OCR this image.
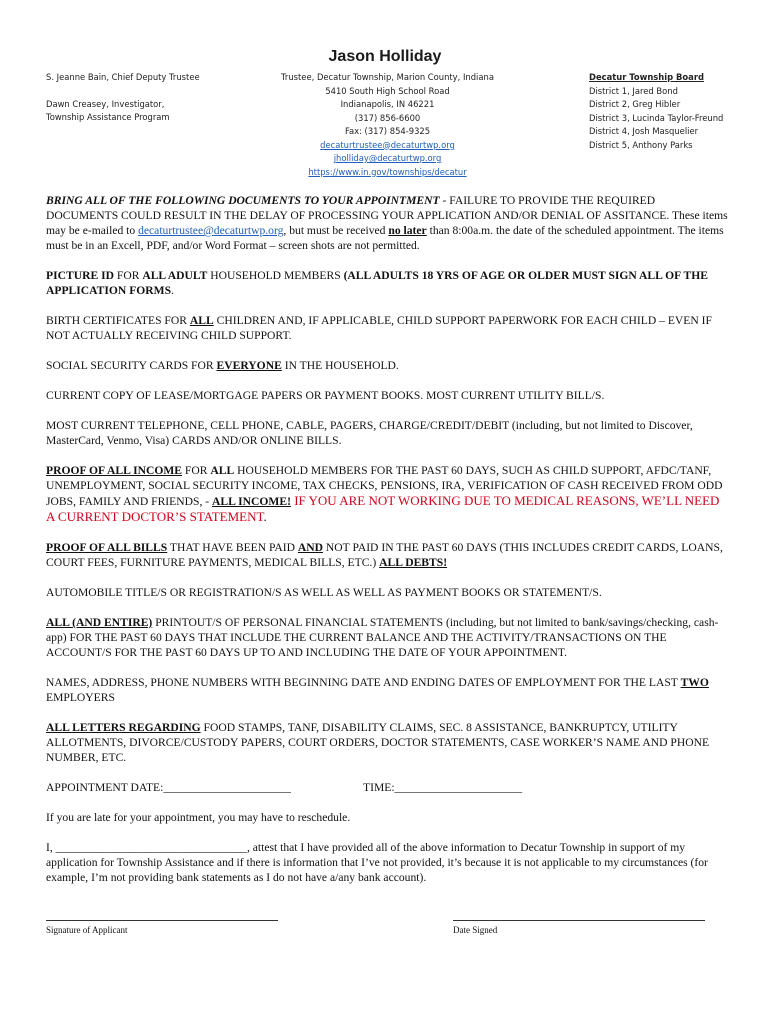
Jason Holliday
S. Jeanne Bain, Chief Deputy Trustee
Dawn Creasey, Investigator,
Township Assistance Program
Trustee, Decatur Township, Marion County, Indiana
5410 South High School Road
Indianapolis, IN 46221
(317) 856-6600
Fax: (317) 854-9325
decaturtrustee@decaturtwp.org
jholliday@decaturtwp.org
https://www.in.gov/townships/decatur
Decatur Township Board
District 1, Jared Bond
District 2, Greg Hibler
District 3, Lucinda Taylor-Freund
District 4, Josh Masquelier
District 5, Anthony Parks

BRING ALL OF THE FOLLOWING DOCUMENTS TO YOUR APPOINTMENT - FAILURE TO PROVIDE THE REQUIRED DOCUMENTS COULD RESULT IN THE DELAY OF PROCESSING YOUR APPLICATION AND/OR DENIAL OF ASSITANCE. These items may be e-mailed to decaturtrustee@decaturtwp.org, but must be received no later than 8:00a.m. the date of the scheduled appointment. The items must be in an Excell, PDF, and/or Word Format – screen shots are not permitted.

PICTURE ID FOR ALL ADULT HOUSEHOLD MEMBERS (ALL ADULTS 18 YRS OF AGE OR OLDER MUST SIGN ALL OF THE APPLICATION FORMS.

BIRTH CERTIFICATES FOR ALL CHILDREN AND, IF APPLICABLE, CHILD SUPPORT PAPERWORK FOR EACH CHILD – EVEN IF NOT ACTUALLY RECEIVING CHILD SUPPORT.

SOCIAL SECURITY CARDS FOR EVERYONE IN THE HOUSEHOLD.

CURRENT COPY OF LEASE/MORTGAGE PAPERS OR PAYMENT BOOKS. MOST CURRENT UTILITY BILL/S.

MOST CURRENT TELEPHONE, CELL PHONE, CABLE, PAGERS, CHARGE/CREDIT/DEBIT (including, but not limited to Discover, MasterCard, Venmo, Visa) CARDS AND/OR ONLINE BILLS.

PROOF OF ALL INCOME FOR ALL HOUSEHOLD MEMBERS FOR THE PAST 60 DAYS, SUCH AS CHILD SUPPORT, AFDC/TANF, UNEMPLOYMENT, SOCIAL SECURITY INCOME, TAX CHECKS, PENSIONS, IRA, VERIFICATION OF CASH RECEIVED FROM ODD JOBS, FAMILY AND FRIENDS, - ALL INCOME! IF YOU ARE NOT WORKING DUE TO MEDICAL REASONS, WE’LL NEED A CURRENT DOCTOR’S STATEMENT.

PROOF OF ALL BILLS THAT HAVE BEEN PAID AND NOT PAID IN THE PAST 60 DAYS (THIS INCLUDES CREDIT CARDS, LOANS, COURT FEES, FURNITURE PAYMENTS, MEDICAL BILLS, ETC.) ALL DEBTS!

AUTOMOBILE TITLE/S OR REGISTRATION/S AS WELL AS WELL AS PAYMENT BOOKS OR STATEMENT/S.

ALL (AND ENTIRE) PRINTOUT/S OF PERSONAL FINANCIAL STATEMENTS (including, but not limited to bank/savings/checking, cash-app) FOR THE PAST 60 DAYS THAT INCLUDE THE CURRENT BALANCE AND THE ACTIVITY/TRANSACTIONS ON THE ACCOUNT/S FOR THE PAST 60 DAYS UP TO AND INCLUDING THE DATE OF YOUR APPOINTMENT.

NAMES, ADDRESS, PHONE NUMBERS WITH BEGINNING DATE AND ENDING DATES OF EMPLOYMENT FOR THE LAST TWO EMPLOYERS

ALL LETTERS REGARDING FOOD STAMPS, TANF, DISABILITY CLAIMS, SEC. 8 ASSISTANCE, BANKRUPTCY, UTILITY ALLOTMENTS, DIVORCE/CUSTODY PAPERS, COURT ORDERS, DOCTOR STATEMENTS, CASE WORKER’S NAME AND PHONE NUMBER, ETC.

APPOINTMENT DATE:______________________	TIME:______________________

If you are late for your appointment, you may have to reschedule.

I, _________________________________, attest that I have provided all of the above information to Decatur Township in support of my application for Township Assistance and if there is information that I’ve not provided, it’s because it is not applicable to my circumstances (for example, I’m not providing bank statements as I do not have a/any bank account).

Signature of Applicant	Date Signed
